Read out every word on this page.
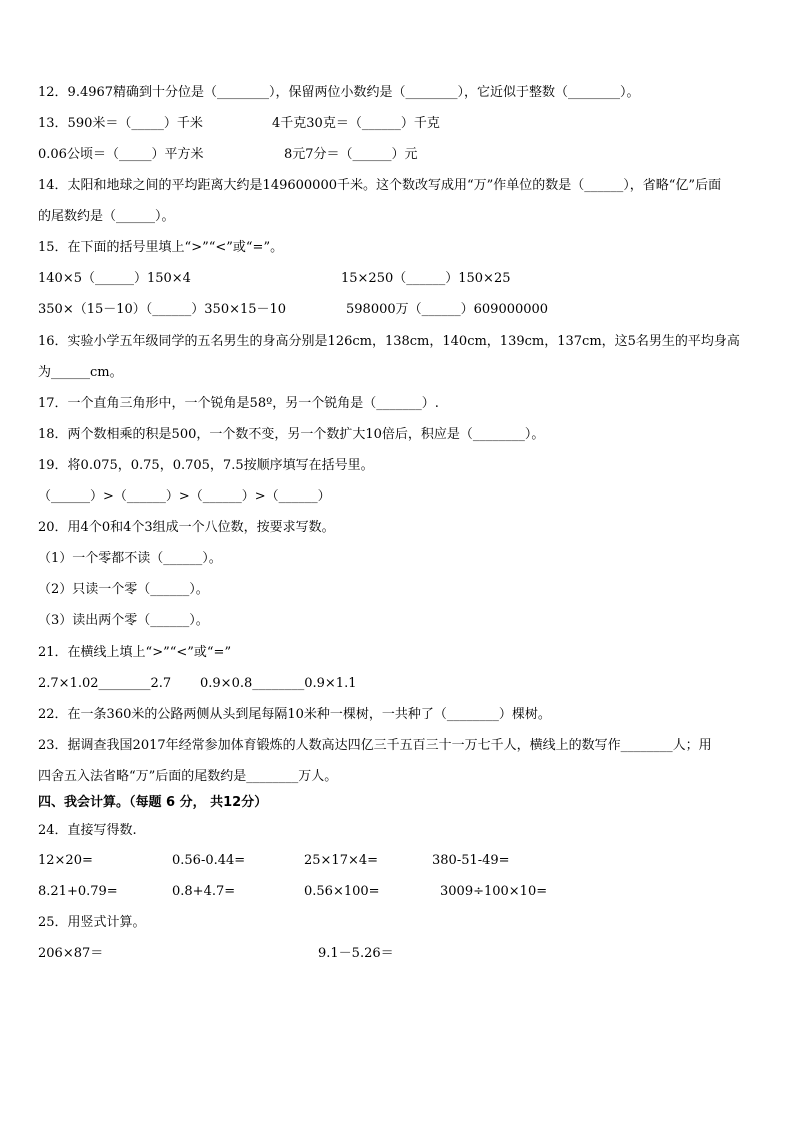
12．9.4967精确到十分位是（________），保留两位小数约是（________），它近似于整数（________）。
13．590米＝（_____）千米	4千克30克＝（______）千克
0.06公顷＝（_____）平方米	8元7分＝（______）元
14．太阳和地球之间的平均距离大约是149600000千米。这个数改写成用“万”作单位的数是（______），省略“亿”后面
的尾数约是（______）。
15．在下面的括号里填上“>”“<”或“=”。
140×5（______）150×4	15×250（______）150×25
350×（15－10）（______）350×15－10	598000万（______）609000000
16．实验小学五年级同学的五名男生的身高分别是126cm，138cm，140cm，139cm，137cm，这5名男生的平均身高
为______cm。
17．一个直角三角形中，一个锐角是58º，另一个锐角是（_______）.
18．两个数相乘的积是500，一个数不变，另一个数扩大10倍后，积应是（________）。
19．将0.075，0.75，0.705，7.5按顺序填写在括号里。
（______）>（______）>（______）>（______）
20．用4个0和4个3组成一个八位数，按要求写数。
（1）一个零都不读（______）。
（2）只读一个零（______）。
（3）读出两个零（______）。
21．在横线上填上“>”“<”或“=”
2.7×1.02________2.7 0.9×0.8________0.9×1.1
22．在一条360米的公路两侧从头到尾每隔10米种一棵树，一共种了（________）棵树。
23．据调查我国2017年经常参加体育锻炼的人数高达四亿三千五百三十一万七千人，横线上的数写作________人；用
四舍五入法省略“万”后面的尾数约是________万人。
四、我会计算。（每题 6 分， 共12分）
24．直接写得数.
12×20=	0.56-0.44=	25×17×4=	380-51-49=
8.21+0.79=	0.8+4.7=	0.56×100=	3009÷100×10=
25．用竖式计算。
206×87＝	9.1－5.26＝
